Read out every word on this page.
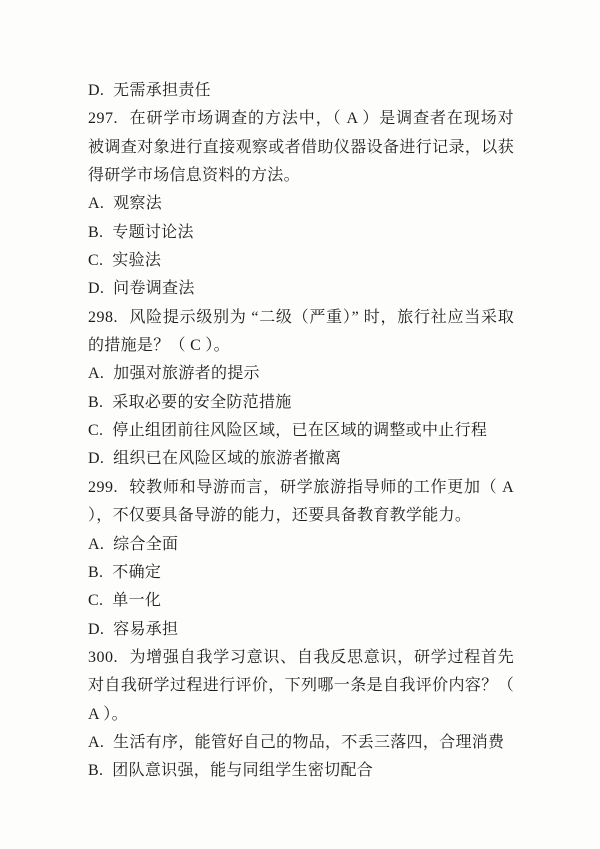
D. 无需承担责任

297. 在研学市场调查的方法中，（ A ）是调查者在现场对被调查对象进行直接观察或者借助仪器设备进行记录，以获得研学市场信息资料的方法。

A. 观察法

B. 专题讨论法

C. 实验法

D. 问卷调查法

298. 风险提示级别为 “二级（严重）” 时，旅行社应当采取的措施是？（ C ）。

A. 加强对旅游者的提示

B. 采取必要的安全防范措施

C. 停止组团前往风险区域，已在区域的调整或中止行程

D. 组织已在风险区域的旅游者撤离

299. 较教师和导游而言，研学旅游指导师的工作更加（ A ），不仅要具备导游的能力，还要具备教育教学能力。

A. 综合全面

B. 不确定

C. 单一化

D. 容易承担

300. 为增强自我学习意识、自我反思意识，研学过程首先对自我研学过程进行评价，下列哪一条是自我评价内容？（ A ）。

A. 生活有序，能管好自己的物品，不丢三落四，合理消费

B. 团队意识强，能与同组学生密切配合
